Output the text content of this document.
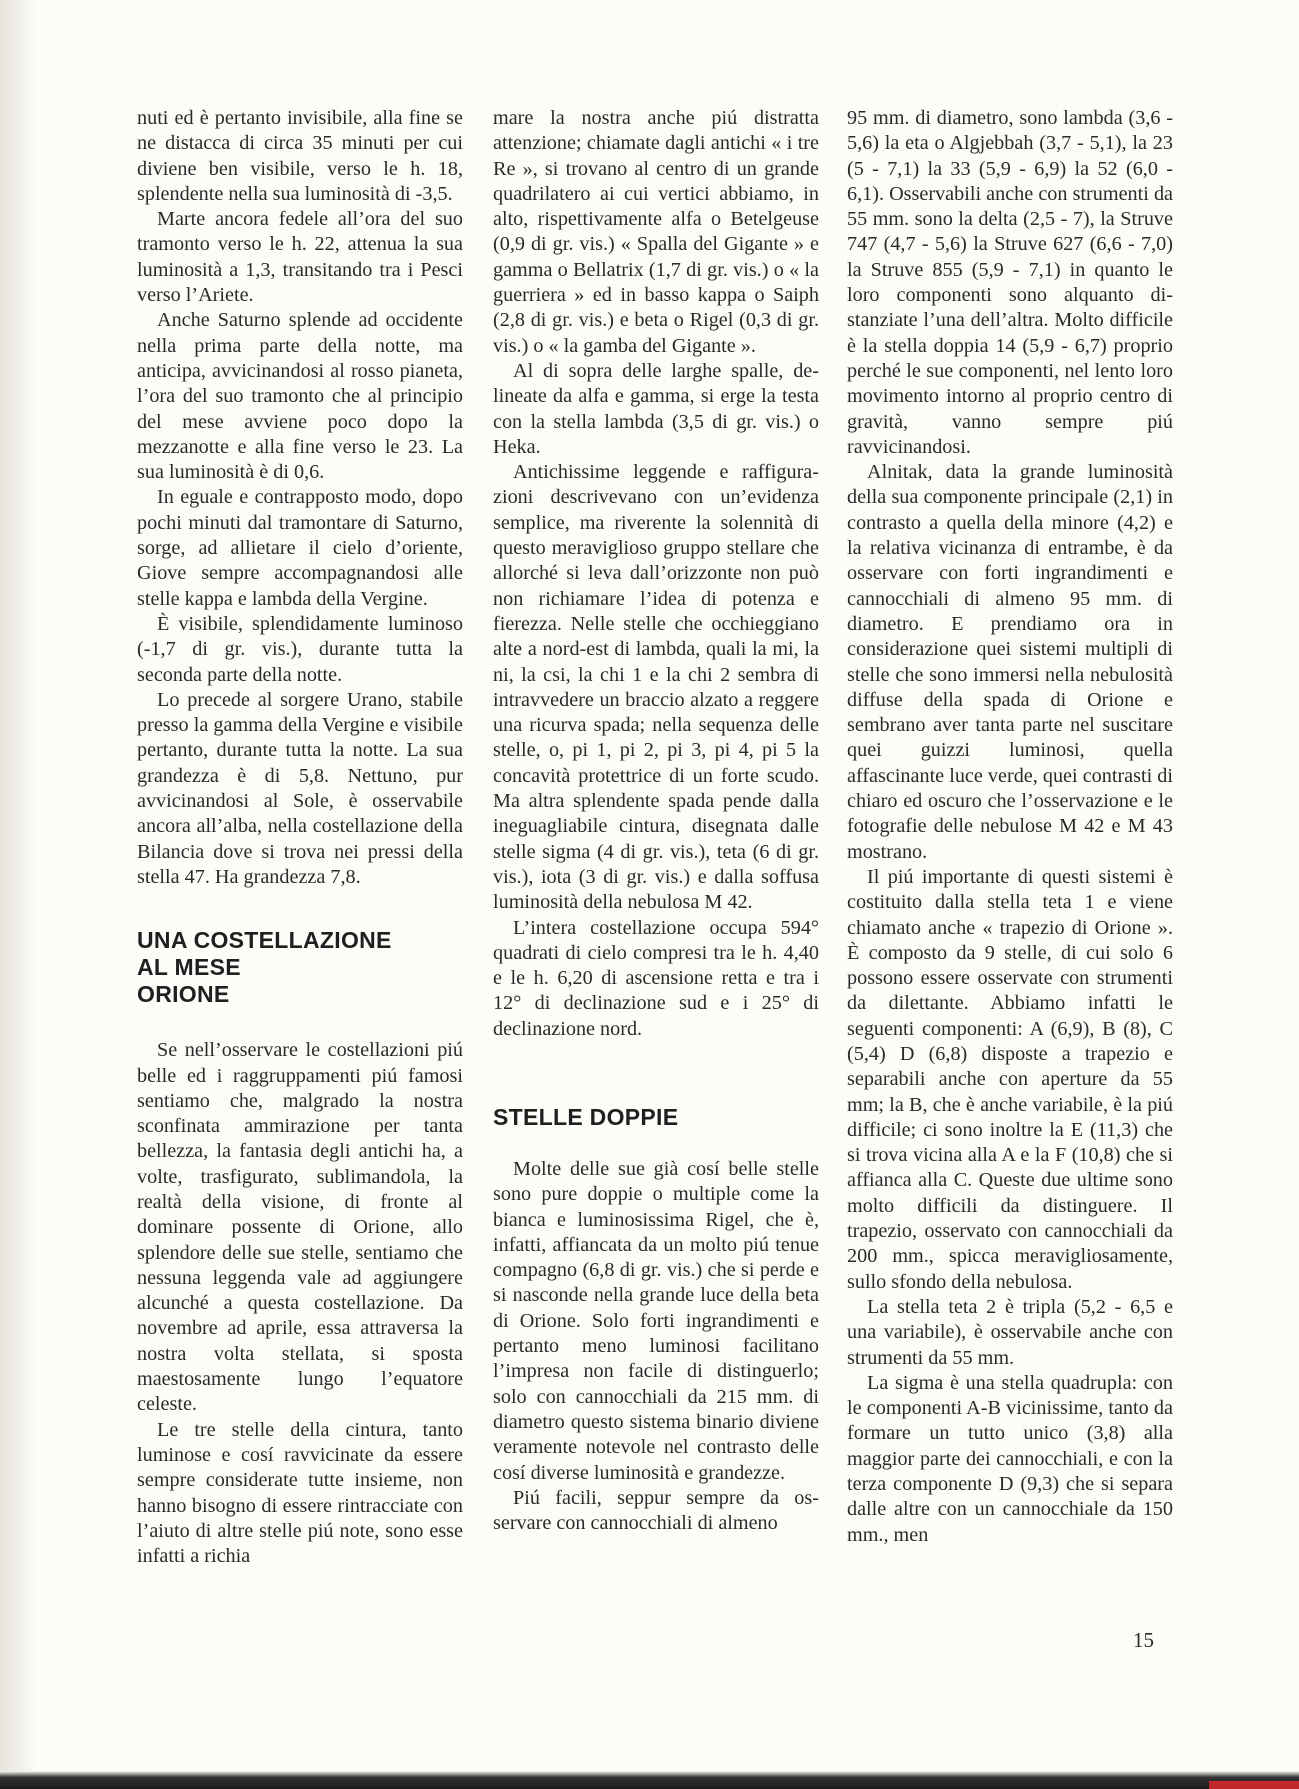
nuti ed è pertanto invisibile, alla fine se ne distacca di circa 35 minuti per cui diviene ben visibile, verso le h. 18, splendente nella sua luminosità di -3,5.

Marte ancora fedele all’ora del suo tramonto verso le h. 22, attenua la sua luminosità a 1,3, transitando tra i Pesci verso l’Ariete.

Anche Saturno splende ad occidente nella prima parte della notte, ma anticipa, avvicinandosi al rosso pianeta, l’ora del suo tramonto che al principio del mese avviene poco dopo la mezzanotte e alla fine verso le 23. La sua luminosità è di 0,6.

In eguale e contrapposto modo, dopo pochi minuti dal tramontare di Saturno, sorge, ad allietare il cielo d’oriente, Giove sempre accompagnandosi alle stelle kappa e lambda della Vergine.

È visibile, splendidamente luminoso (-1,7 di gr. vis.), durante tutta la seconda parte della notte.

Lo precede al sorgere Urano, stabile presso la gamma della Vergine e visibile pertanto, durante tutta la notte. La sua grandezza è di 5,8. Nettuno, pur avvicinandosi al Sole, è osservabile ancora all’alba, nella costellazione della Bilancia dove si trova nei pressi della stella 47. Ha grandezza 7,8.

UNA COSTELLAZIONE
AL MESE
ORIONE

Se nell’osservare le costellazioni piú belle ed i raggruppamenti piú famosi sentiamo che, malgrado la nostra sconfinata ammirazione per tanta bellezza, la fantasia degli antichi ha, a volte, trasfigurato, sublimandola, la realtà della visione, di fronte al dominare possente di Orione, allo splendore delle sue stelle, sentiamo che nessuna leggenda vale ad aggiungere alcunché a questa costellazione. Da novembre ad aprile, essa attraversa la nostra volta stellata, si sposta maestosamente lungo l’equatore celeste.

Le tre stelle della cintura, tanto luminose e cosí ravvicinate da essere sempre considerate tutte insieme, non hanno bisogno di essere rintracciate con l’aiuto di altre stelle piú note, sono esse infatti a richia

mare la nostra anche piú distratta attenzione; chiamate dagli antichi « i tre Re », si trovano al centro di un grande quadrilatero ai cui vertici abbiamo, in alto, rispettivamente alfa o Betelgeuse (0,9 di gr. vis.) « Spalla del Gigante » e gamma o Bellatrix (1,7 di gr. vis.) o « la guerriera » ed in basso kappa o Saiph (2,8 di gr. vis.) e beta o Rigel (0,3 di gr. vis.) o « la gamba del Gigante ».

Al di sopra delle larghe spalle, delineate da alfa e gamma, si erge la testa con la stella lambda (3,5 di gr. vis.) o Heka.

Antichissime leggende e raffigurazioni descrivevano con un’evidenza semplice, ma riverente la solennità di questo meraviglioso gruppo stellare che allorché si leva dall’orizzonte non può non richiamare l’idea di potenza e fierezza. Nelle stelle che occhieggiano alte a nord-est di lambda, quali la mi, la ni, la csi, la chi 1 e la chi 2 sembra di intravvedere un braccio alzato a reggere una ricurva spada; nella sequenza delle stelle, o, pi 1, pi 2, pi 3, pi 4, pi 5 la concavità protettrice di un forte scudo. Ma altra splendente spada pende dalla ineguagliabile cintura, disegnata dalle stelle sigma (4 di gr. vis.), teta (6 di gr. vis.), iota (3 di gr. vis.) e dalla soffusa luminosità della nebulosa M 42.

L’intera costellazione occupa 594° quadrati di cielo compresi tra le h. 4,40 e le h. 6,20 di ascensione retta e tra i 12° di declinazione sud e i 25° di declinazione nord.

STELLE DOPPIE

Molte delle sue già cosí belle stelle sono pure doppie o multiple come la bianca e luminosissima Rigel, che è, infatti, affiancata da un molto piú tenue compagno (6,8 di gr. vis.) che si perde e si nasconde nella grande luce della beta di Orione. Solo forti ingrandimenti e pertanto meno luminosi facilitano l’impresa non facile di distinguerlo; solo con cannocchiali da 215 mm. di diametro questo sistema binario diviene veramente notevole nel contrasto delle cosí diverse luminosità e grandezze.

Piú facili, seppur sempre da osservare con cannocchiali di almeno

95 mm. di diametro, sono lambda (3,6 - 5,6) la eta o Algjebbah (3,7 - 5,1), la 23 (5 - 7,1) la 33 (5,9 - 6,9) la 52 (6,0 - 6,1). Osservabili anche con strumenti da 55 mm. sono la delta (2,5 - 7), la Struve 747 (4,7 - 5,6) la Struve 627 (6,6 - 7,0) la Struve 855 (5,9 - 7,1) in quanto le loro componenti sono alquanto distanziate l’una dell’altra. Molto difficile è la stella doppia 14 (5,9 - 6,7) proprio perché le sue componenti, nel lento loro movimento intorno al proprio centro di gravità, vanno sempre piú ravvicinandosi.

Alnitak, data la grande luminosità della sua componente principale (2,1) in contrasto a quella della minore (4,2) e la relativa vicinanza di entrambe, è da osservare con forti ingrandimenti e cannocchiali di almeno 95 mm. di diametro. E prendiamo ora in considerazione quei sistemi multipli di stelle che sono immersi nella nebulosità diffuse della spada di Orione e sembrano aver tanta parte nel suscitare quei guizzi luminosi, quella affascinante luce verde, quei contrasti di chiaro ed oscuro che l’osservazione e le fotografie delle nebulose M 42 e M 43 mostrano.

Il piú importante di questi sistemi è costituito dalla stella teta 1 e viene chiamato anche « trapezio di Orione ». È composto da 9 stelle, di cui solo 6 possono essere osservate con strumenti da dilettante. Abbiamo infatti le seguenti componenti: A (6,9), B (8), C (5,4) D (6,8) disposte a trapezio e separabili anche con aperture da 55 mm; la B, che è anche variabile, è la piú difficile; ci sono inoltre la E (11,3) che si trova vicina alla A e la F (10,8) che si affianca alla C. Queste due ultime sono molto difficili da distinguere. Il trapezio, osservato con cannocchiali da 200 mm., spicca meravigliosamente, sullo sfondo della nebulosa.

La stella teta 2 è tripla (5,2 - 6,5 e una variabile), è osservabile anche con strumenti da 55 mm.

La sigma è una stella quadrupla: con le componenti A-B vicinissime, tanto da formare un tutto unico (3,8) alla maggior parte dei cannocchiali, e con la terza componente D (9,3) che si separa dalle altre con un cannocchiale da 150 mm., men

15
